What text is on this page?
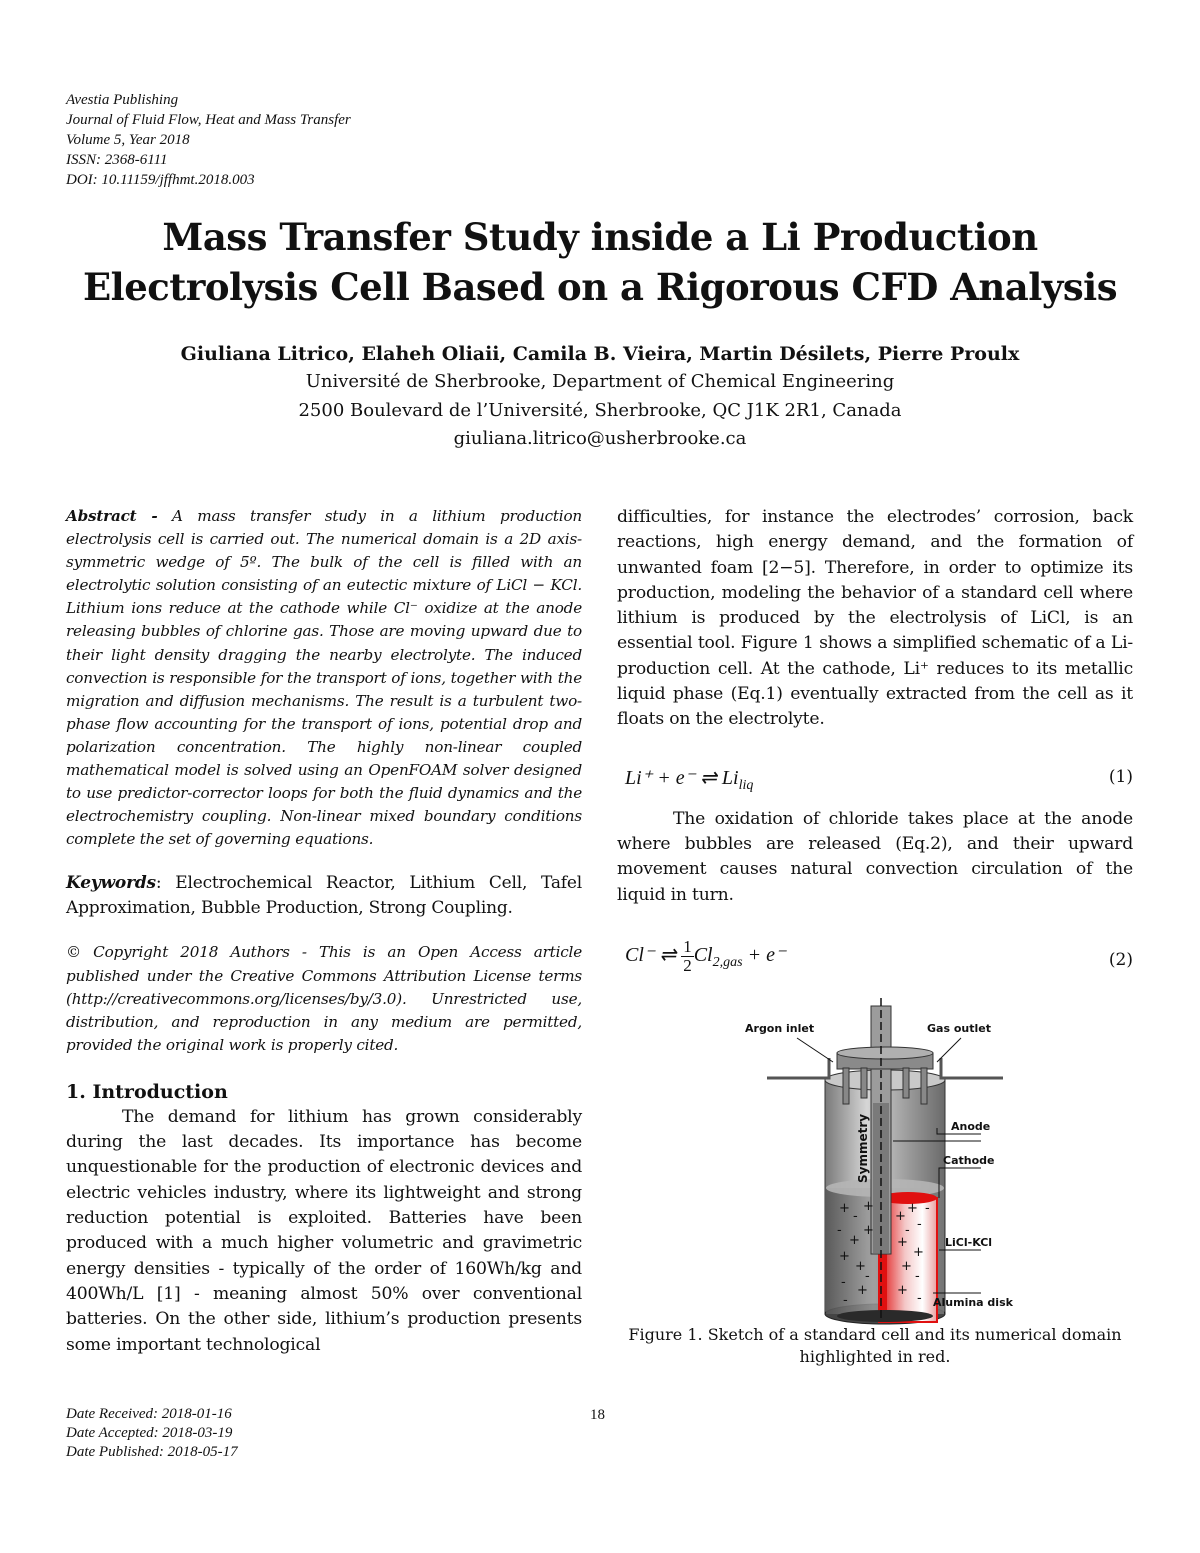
Avestia Publishing
Journal of Fluid Flow, Heat and Mass Transfer
Volume 5, Year 2018
ISSN: 2368-6111
DOI: 10.11159/jffhmt.2018.003
Mass Transfer Study inside a Li Production
Electrolysis Cell Based on a Rigorous CFD Analysis
Giuliana Litrico, Elaheh Oliaii, Camila B. Vieira, Martin Désilets, Pierre Proulx
Université de Sherbrooke, Department of Chemical Engineering
2500 Boulevard de l’Université, Sherbrooke, QC J1K 2R1, Canada
giuliana.litrico@usherbrooke.ca
Abstract - A mass transfer study in a lithium production electrolysis cell is carried out. The numerical domain is a 2D axis-symmetric wedge of 5º. The bulk of the cell is filled with an electrolytic solution consisting of an eutectic mixture of LiCl − KCl. Lithium ions reduce at the cathode while Cl⁻ oxidize at the anode releasing bubbles of chlorine gas. Those are moving upward due to their light density dragging the nearby electrolyte. The induced convection is responsible for the transport of ions, together with the migration and diffusion mechanisms. The result is a turbulent two-phase flow accounting for the transport of ions, potential drop and polarization concentration. The highly non-linear coupled mathematical model is solved using an OpenFOAM solver designed to use predictor-corrector loops for both the fluid dynamics and the electrochemistry coupling. Non-linear mixed boundary conditions complete the set of governing equations.
Keywords: Electrochemical Reactor, Lithium Cell, Tafel Approximation, Bubble Production, Strong Coupling.
© Copyright 2018 Authors - This is an Open Access article published under the Creative Commons Attribution License terms (http://creativecommons.org/licenses/by/3.0). Unrestricted use, distribution, and reproduction in any medium are permitted, provided the original work is properly cited.
1. Introduction
The demand for lithium has grown considerably during the last decades. Its importance has become unquestionable for the production of electronic devices and electric vehicles industry, where its lightweight and strong reduction potential is exploited. Batteries have been produced with a much higher volumetric and gravimetric energy densities - typically of the order of 160Wh/kg and 400Wh/L [1] - meaning almost 50% over conventional batteries. On the other side, lithium’s production presents some important technological
difficulties, for instance the electrodes’ corrosion, back reactions, high energy demand, and the formation of unwanted foam [2−5]. Therefore, in order to optimize its production, modeling the behavior of a standard cell where lithium is produced by the electrolysis of LiCl, is an essential tool. Figure 1 shows a simplified schematic of a Li-production cell. At the cathode, Li⁺ reduces to its metallic liquid phase (Eq.1) eventually extracted from the cell as it floats on the electrolyte.
Li⁺ + e⁻ ⇌ $Li_{liq}$	(1)
The oxidation of chloride takes place at the anode where bubbles are released (Eq.2), and their upward movement causes natural convection circulation of the liquid in turn.
Cl⁻ ⇌ $\frac{1}{2} Cl_{2,gas} + e^-$	(2)
+
-
+
-
+
+
+
+
-
+
-
-
+
+
-
+
+
+
-
+
-
-
-
Argon inlet	Gas outlet
Anode
Cathode
LiCl-KCl
Alumina disk
Symmetry
Figure 1. Sketch of a standard cell and its numerical domain highlighted in red.
Date Received: 2018-01-16
Date Accepted: 2018-03-19
Date Published: 2018-05-17
18
